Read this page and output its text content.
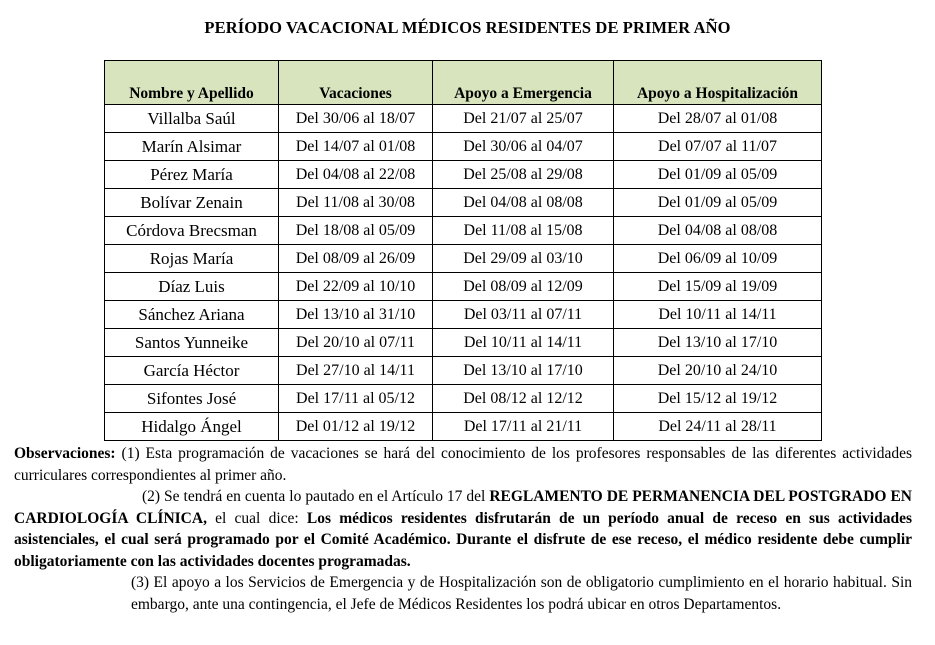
PERÍODO VACACIONAL MÉDICOS RESIDENTES DE PRIMER AÑO
Nombre y Apellido	Vacaciones	Apoyo a Emergencia	Apoyo a Hospitalización
Villalba Saúl	Del 30/06 al 18/07	Del 21/07 al 25/07	Del 28/07 al 01/08
Marín Alsimar	Del 14/07 al 01/08	Del 30/06 al 04/07	Del 07/07 al 11/07
Pérez María	Del 04/08 al 22/08	Del 25/08 al 29/08	Del 01/09 al 05/09
Bolívar Zenain	Del 11/08 al 30/08	Del 04/08 al 08/08	Del 01/09 al 05/09
Córdova Brecsman	Del 18/08 al 05/09	Del 11/08 al 15/08	Del 04/08 al 08/08
Rojas María	Del 08/09 al 26/09	Del 29/09 al 03/10	Del 06/09 al 10/09
Díaz Luis	Del 22/09 al 10/10	Del 08/09 al 12/09	Del 15/09 al 19/09
Sánchez Ariana	Del 13/10 al 31/10	Del 03/11 al 07/11	Del 10/11 al 14/11
Santos Yunneike	Del 20/10 al 07/11	Del 10/11 al 14/11	Del 13/10 al 17/10
García Héctor	Del 27/10 al 14/11	Del 13/10 al 17/10	Del 20/10 al 24/10
Sifontes José	Del 17/11 al 05/12	Del 08/12 al 12/12	Del 15/12 al 19/12
Hidalgo Ángel	Del 01/12 al 19/12	Del 17/11 al 21/11	Del 24/11 al 28/11
Observaciones: (1) Esta programación de vacaciones se hará del conocimiento de los profesores responsables de las diferentes actividades curriculares correspondientes al primer año.
(2) Se tendrá en cuenta lo pautado en el Artículo 17 del REGLAMENTO DE PERMANENCIA DEL POSTGRADO EN CARDIOLOGÍA CLÍNICA, el cual dice: Los médicos residentes disfrutarán de un período anual de receso en sus actividades asistenciales, el cual será programado por el Comité Académico. Durante el disfrute de ese receso, el médico residente debe cumplir obligatoriamente con las actividades docentes programadas.
(3) El apoyo a los Servicios de Emergencia y de Hospitalización son de obligatorio cumplimiento en el horario habitual. Sin embargo, ante una contingencia, el Jefe de Médicos Residentes los podrá ubicar en otros Departamentos.
